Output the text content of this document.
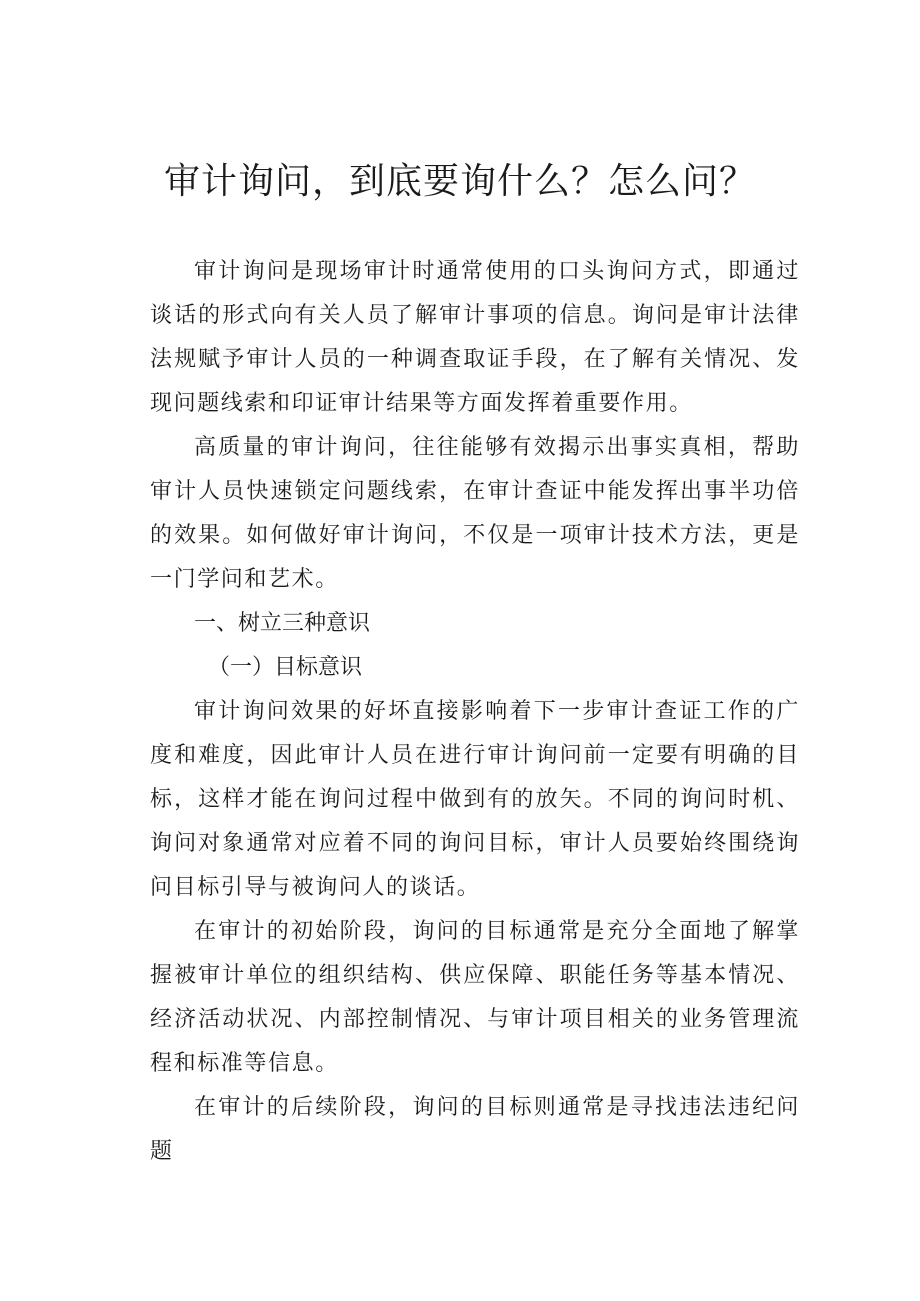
审计询问，到底要询什么？怎么问？

审计询问是现场审计时通常使用的口头询问方式，即通过谈话的形式向有关人员了解审计事项的信息。询问是审计法律法规赋予审计人员的一种调查取证手段，在了解有关情况、发现问题线索和印证审计结果等方面发挥着重要作用。

高质量的审计询问，往往能够有效揭示出事实真相，帮助审计人员快速锁定问题线索，在审计查证中能发挥出事半功倍的效果。如何做好审计询问，不仅是一项审计技术方法，更是一门学问和艺术。

一、树立三种意识
（一）目标意识

审计询问效果的好坏直接影响着下一步审计查证工作的广度和难度，因此审计人员在进行审计询问前一定要有明确的目标，这样才能在询问过程中做到有的放矢。不同的询问时机、询问对象通常对应着不同的询问目标，审计人员要始终围绕询问目标引导与被询问人的谈话。

在审计的初始阶段，询问的目标通常是充分全面地了解掌握被审计单位的组织结构、供应保障、职能任务等基本情况、经济活动状况、内部控制情况、与审计项目相关的业务管理流程和标准等信息。

在审计的后续阶段，询问的目标则通常是寻找违法违纪问题
